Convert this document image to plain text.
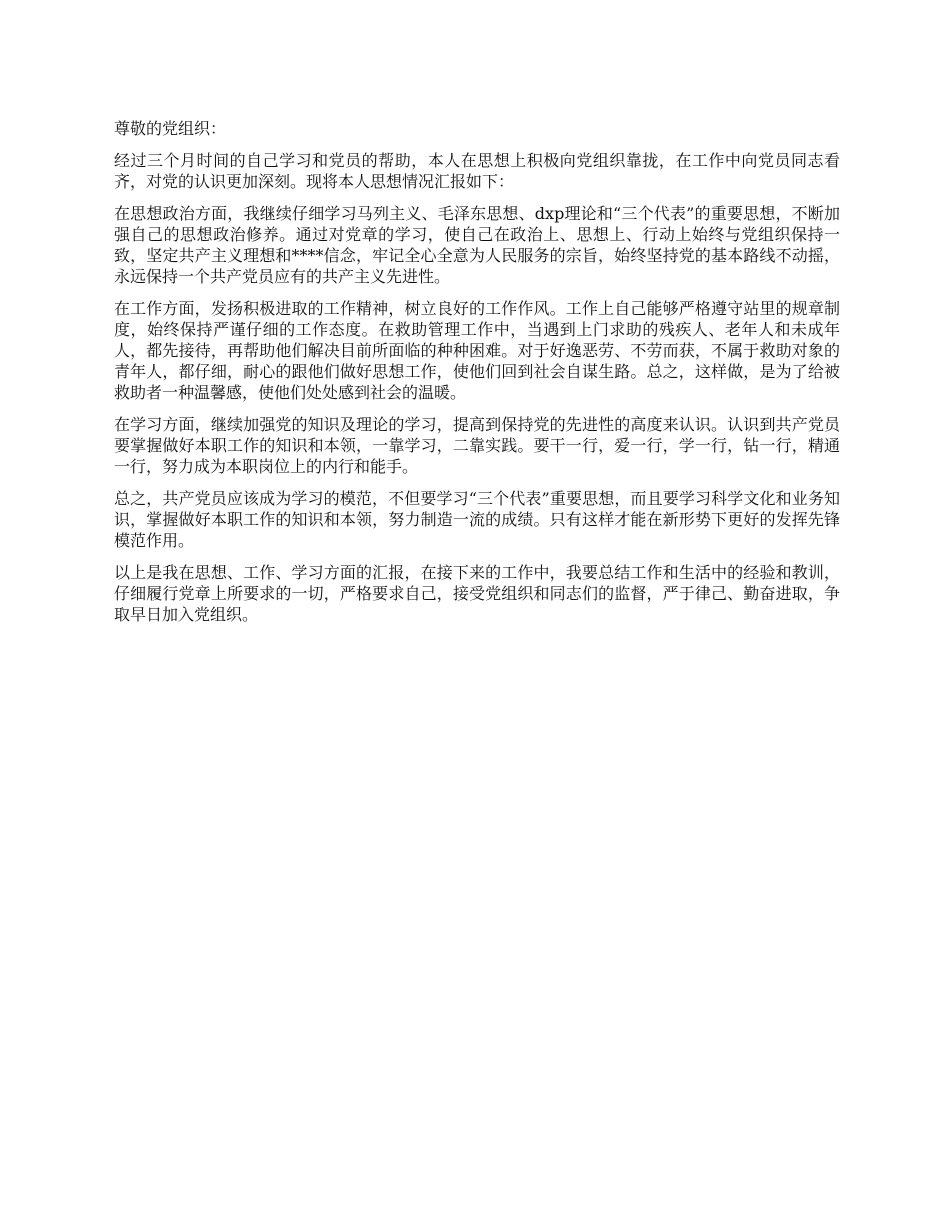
尊敬的党组织：

经过三个月时间的自己学习和党员的帮助，本人在思想上积极向党组织靠拢，在工作中向党员同志看齐，对党的认识更加深刻。现将本人思想情况汇报如下：

在思想政治方面，我继续仔细学习马列主义、毛泽东思想、dxp理论和“三个代表”的重要思想，不断加强自己的思想政治修养。通过对党章的学习，使自己在政治上、思想上、行动上始终与党组织保持一致，坚定共产主义理想和****信念，牢记全心全意为人民服务的宗旨，始终坚持党的基本路线不动摇，永远保持一个共产党员应有的共产主义先进性。

在工作方面，发扬积极进取的工作精神，树立良好的工作作风。工作上自己能够严格遵守站里的规章制度，始终保持严谨仔细的工作态度。在救助管理工作中，当遇到上门求助的残疾人、老年人和未成年人，都先接待，再帮助他们解决目前所面临的种种困难。对于好逸恶劳、不劳而获，不属于救助对象的青年人，都仔细，耐心的跟他们做好思想工作，使他们回到社会自谋生路。总之，这样做，是为了给被救助者一种温馨感，使他们处处感到社会的温暖。

在学习方面，继续加强党的知识及理论的学习，提高到保持党的先进性的高度来认识。认识到共产党员要掌握做好本职工作的知识和本领，一靠学习，二靠实践。要干一行，爱一行，学一行，钻一行，精通一行，努力成为本职岗位上的内行和能手。

总之，共产党员应该成为学习的模范，不但要学习“三个代表”重要思想，而且要学习科学文化和业务知识，掌握做好本职工作的知识和本领，努力制造一流的成绩。只有这样才能在新形势下更好的发挥先锋模范作用。

以上是我在思想、工作、学习方面的汇报，在接下来的工作中，我要总结工作和生活中的经验和教训，仔细履行党章上所要求的一切，严格要求自己，接受党组织和同志们的监督，严于律己、勤奋进取，争取早日加入党组织。
